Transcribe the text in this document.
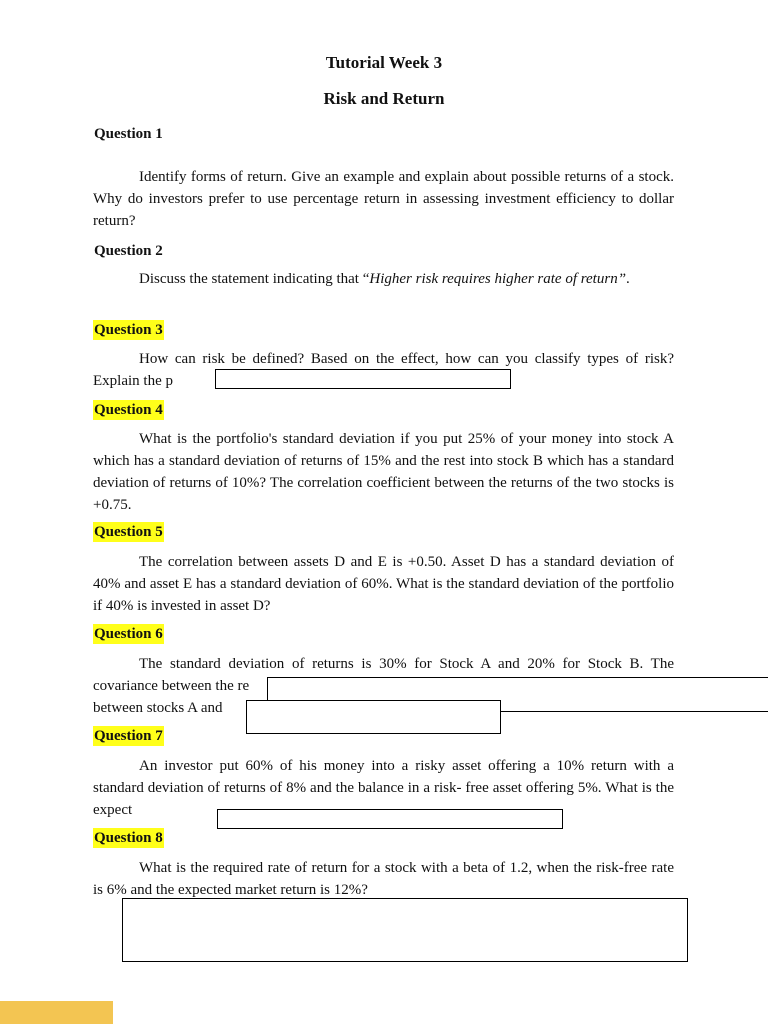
Tutorial Week 3
Risk and Return
Question 1

Identify forms of return. Give an example and explain about possible returns of a stock. Why do investors prefer to use percentage return in assessing investment efficiency to dollar return?

Question 2

Discuss the statement indicating that “Higher risk requires higher rate of return”.

Question 3

How can risk be defined? Based on the effect, how can you classify types of risk? Explain the p

Question 4

What is the portfolio's standard deviation if you put 25% of your money into stock A which has a standard deviation of returns of 15% and the rest into stock B which has a standard deviation of returns of 10%? The correlation coefficient between the returns of the two stocks is +0.75.

Question 5

The correlation between assets D and E is +0.50. Asset D has a standard deviation of 40% and asset E has a standard deviation of 60%. What is the standard deviation of the portfolio if 40% is invested in asset D?

Question 6

The standard deviation of returns is 30% for Stock A and 20% for Stock B. The covariance between the re

between stocks A and

Question 7

An investor put 60% of his money into a risky asset offering a 10% return with a standard deviation of returns of 8% and the balance in a risk- free asset offering 5%. What is the expect

Question 8

What is the required rate of return for a stock with a beta of 1.2, when the risk-free rate is 6% and the expected market return is 12%?
